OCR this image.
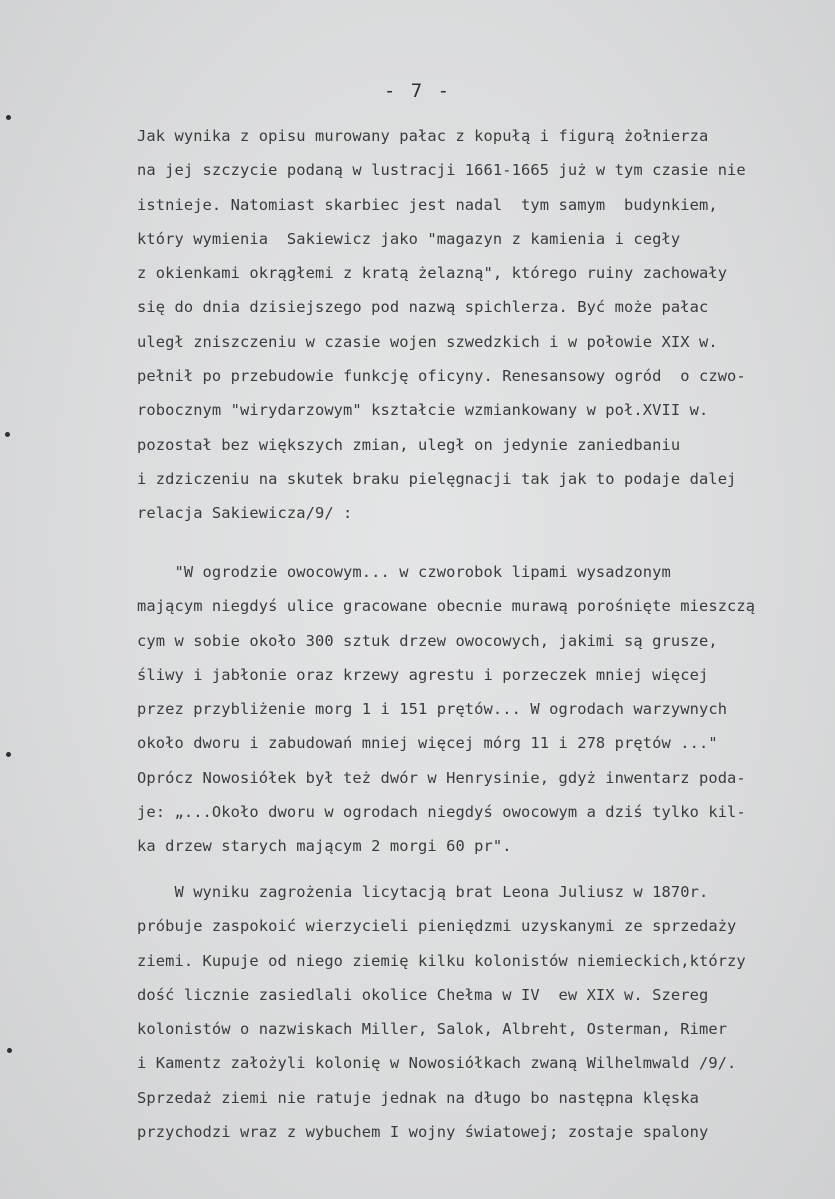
- 7 -
Jak wynika z opisu murowany pałac z kopułą i figurą żołnierza
na jej szczycie podaną w lustracji 1661-1665 już w tym czasie nie
istnieje. Natomiast skarbiec jest nadal  tym samym  budynkiem,
który wymienia  Sakiewicz jako "magazyn z kamienia i cegły
z okienkami okrągłemi z kratą żelazną", którego ruiny zachowały
się do dnia dzisiejszego pod nazwą spichlerza. Być może pałac
uległ zniszczeniu w czasie wojen szwedzkich i w połowie XIX w.
pełnił po przebudowie funkcję oficyny. Renesansowy ogród  o czwo-
robocznym "wirydarzowym" kształcie wzmiankowany w poł.XVII w.
pozostał bez większych zmian, uległ on jedynie zaniedbaniu
i zdziczeniu na skutek braku pielęgnacji tak jak to podaje dalej
relacja Sakiewicza/9/ :
"W ogrodzie owocowym... w czworobok lipami wysadzonym
mającym niegdyś ulice gracowane obecnie murawą porośnięte mieszczą
cym w sobie około 300 sztuk drzew owocowych, jakimi są grusze,
śliwy i jabłonie oraz krzewy agrestu i porzeczek mniej więcej
przez przybliżenie morg 1 i 151 prętów... W ogrodach warzywnych
około dworu i zabudowań mniej więcej mórg 11 i 278 prętów ..."
Oprócz Nowosiółek był też dwór w Henrysinie, gdyż inwentarz poda-
je: „...Około dworu w ogrodach niegdyś owocowym a dziś tylko kil-
ka drzew starych mającym 2 morgi 60 pr".
W wyniku zagrożenia licytacją brat Leona Juliusz w 1870r.
próbuje zaspokoić wierzycieli pieniędzmi uzyskanymi ze sprzedaży
ziemi. Kupuje od niego ziemię kilku kolonistów niemieckich,którzy
dość licznie zasiedlali okolice Chełma w IV  ew XIX w. Szereg
kolonistów o nazwiskach Miller, Salok, Albreht, Osterman, Rimer
i Kamentz założyli kolonię w Nowosiółkach zwaną Wilhelmwald /9/.
Sprzedaż ziemi nie ratuje jednak na długo bo następna klęska
przychodzi wraz z wybuchem I wojny światowej; zostaje spalony
